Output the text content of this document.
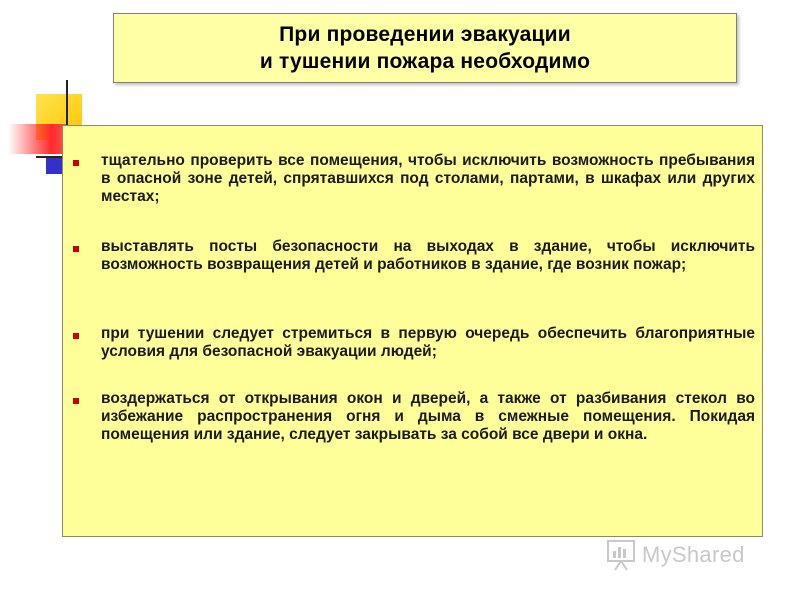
При проведении эвакуации
и тушении пожара необходимо
тщательно проверить все помещения, чтобы исключить возможность пребывания в опасной зоне детей, спрятавшихся под столами, партами, в шкафах или других местах;
выставлять посты безопасности на выходах в здание, чтобы исключить возможность возвращения детей и работников в здание, где возник пожар;
при тушении следует стремиться в первую очередь обеспечить благоприятные условия для безопасной эвакуации людей;
воздержаться от открывания окон и дверей, а также от разбивания стекол во избежание распространения огня и дыма в смежные помещения. Покидая помещения или здание, следует закрывать за собой все двери и окна.
MyShared
